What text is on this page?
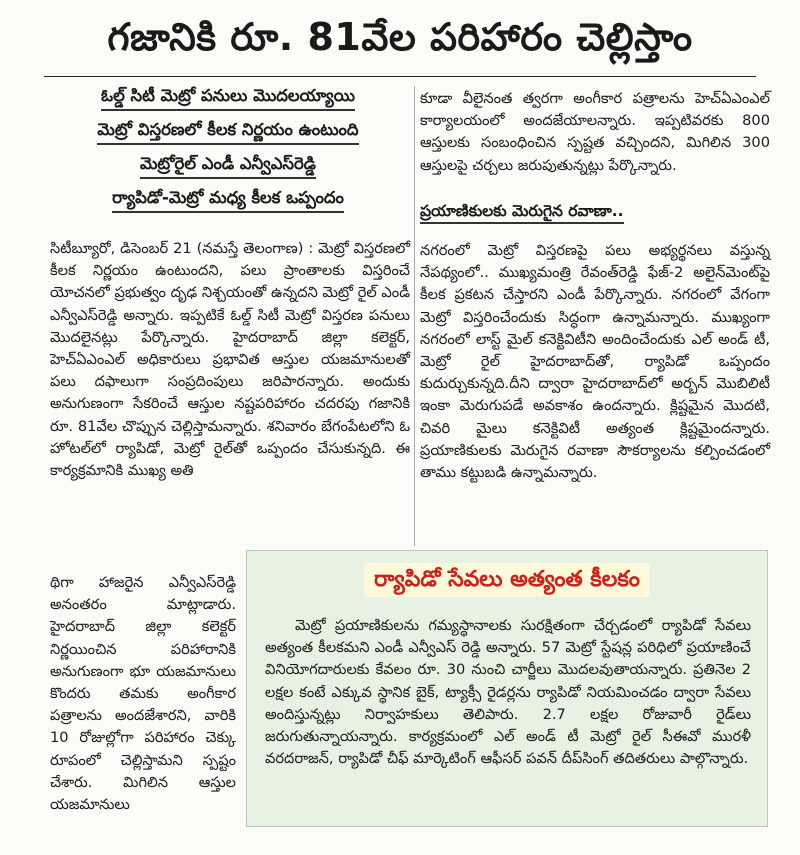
గజానికి రూ. 81వేల పరిహారం చెల్లిస్తాం
ఓల్డ్ సిటీ మెట్రో పనులు మొదలయ్యాయి
మెట్రో విస్తరణలో కీలక నిర్ణయం ఉంటుంది
మెట్రోరైల్ ఎండీ ఎన్వీఎస్‌రెడ్డి
ర్యాపిడో-మెట్రో మధ్య కీలక ఒప్పందం

సిటీబ్యూరో, డిసెంబర్ 21 (నమస్తే తెలంగాణ) : మెట్రో విస్తరణలో కీలక నిర్ణయం ఉంటుందని, పలు ప్రాంతాలకు విస్తరించే యోచనలో ప్రభుత్వం దృఢ నిశ్చయంతో ఉన్నదని మెట్రో రైల్ ఎండీ ఎన్వీఎస్‌రెడ్డి అన్నారు. ఇప్పటికే ఓల్డ్ సిటీ మెట్రో విస్తరణ పనులు మొదలైనట్లు పేర్కొన్నారు. హైదరాబాద్ జిల్లా కలెక్టర్, హెచ్ఏఎంఎల్ అధికారులు ప్రభావిత ఆస్తుల యజమానులతో పలు దఫాలుగా సంప్రదింపులు జరిపారన్నారు. అందుకు అనుగుణంగా సేకరించే ఆస్తుల నష్టపరిహారం చదరపు గజానికి రూ. 81వేల చొప్పున చెల్లిస్తామన్నారు. శనివారం బేగంపేటలోని ఓ హోటల్‌లో ర్యాపిడో, మెట్రో రైల్‌తో ఒప్పందం చేసుకున్నది. ఈ కార్యక్రమానికి ముఖ్య అతి

థిగా హాజరైన ఎన్వీఎస్‌రెడ్డి అనంతరం మాట్లాడారు. హైదరాబాద్ జిల్లా కలెక్టర్ నిర్ణయించిన పరిహారానికి అనుగుణంగా భూ యజమానులు కొందరు తమకు అంగీకార పత్రాలను అందజేశారని, వారికి 10 రోజుల్లోగా పరిహారం చెక్కు రూపంలో చెల్లిస్తామని స్పష్టం చేశారు. మిగిలిన ఆస్తుల యజమానులు

కూడా వీలైనంత త్వరగా అంగీకార పత్రాలను హెచ్ఏఎంఎల్ కార్యాలయంలో అందజేయాలన్నారు. ఇప్పటివరకు 800 ఆస్తులకు సంబంధించిన స్పష్టత వచ్చిందని, మిగిలిన 300 ఆస్తులపై చర్చలు జరుపుతున్నట్లు పేర్కొన్నారు.

ప్రయాణికులకు మెరుగైన రవాణా..

నగరంలో మెట్రో విస్తరణపై పలు అభ్యర్థనలు వస్తున్న నేపథ్యంలో.. ముఖ్యమంత్రి రేవంత్‌రెడ్డి ఫేజ్-2 అలైన్‌మెంట్‌పై కీలక ప్రకటన చేస్తారని ఎండీ పేర్కొన్నారు. నగరంలో వేగంగా మెట్రో విస్తరించేందుకు సిద్ధంగా ఉన్నామన్నారు. ముఖ్యంగా నగరంలో లాస్ట్ మైల్ కనెక్టివిటీని అందించేందుకు ఎల్ అండ్ టీ, మెట్రో రైల్ హైదరాబాద్‌తో, ర్యాపిడో ఒప్పందం కుదుర్చుకున్నది.దీని ద్వారా హైదరాబాద్‌లో అర్బన్ మొబిలిటీ ఇంకా మెరుగుపడే అవకాశం ఉందన్నారు. క్లిష్టమైన మొదటి, చివరి మైలు కనెక్టివిటీ అత్యంత క్లిష్టమైందన్నారు. ప్రయాణికులకు మెరుగైన రవాణా సౌకర్యాలను కల్పించడంలో తాము కట్టుబడి ఉన్నామన్నారు.

ర్యాపిడో సేవలు అత్యంత కీలకం
మెట్రో ప్రయాణికులను గమ్యస్థానాలకు సురక్షితంగా చేర్చడంలో ర్యాపిడో సేవలు అత్యంత కీలకమని ఎండీ ఎన్వీఎస్ రెడ్డి అన్నారు. 57 మెట్రో స్టేషన్ల పరిధిలో ప్రయాణించే వినియోగదారులకు కేవలం రూ. 30 నుంచి చార్జీలు మొదలవుతాయన్నారు. ప్రతినెల 2 లక్షల కంటే ఎక్కువ స్థానిక బైక్, ట్యాక్సీ రైడర్లను ర్యాపిడో నియమించడం ద్వారా సేవలు అందిస్తున్నట్లు నిర్వాహకులు తెలిపారు. 2.7 లక్షల రోజువారీ రైడ్‌లు జరుగుతున్నాయన్నారు. కార్యక్రమంలో ఎల్ అండ్ టీ మెట్రో రైల్ సీఈవో మురళీ వరదరాజన్, ర్యాపిడో చీఫ్ మార్కెటింగ్ ఆఫీసర్ పవన్ దీప్‌సింగ్ తదితరులు పాల్గొన్నారు.
